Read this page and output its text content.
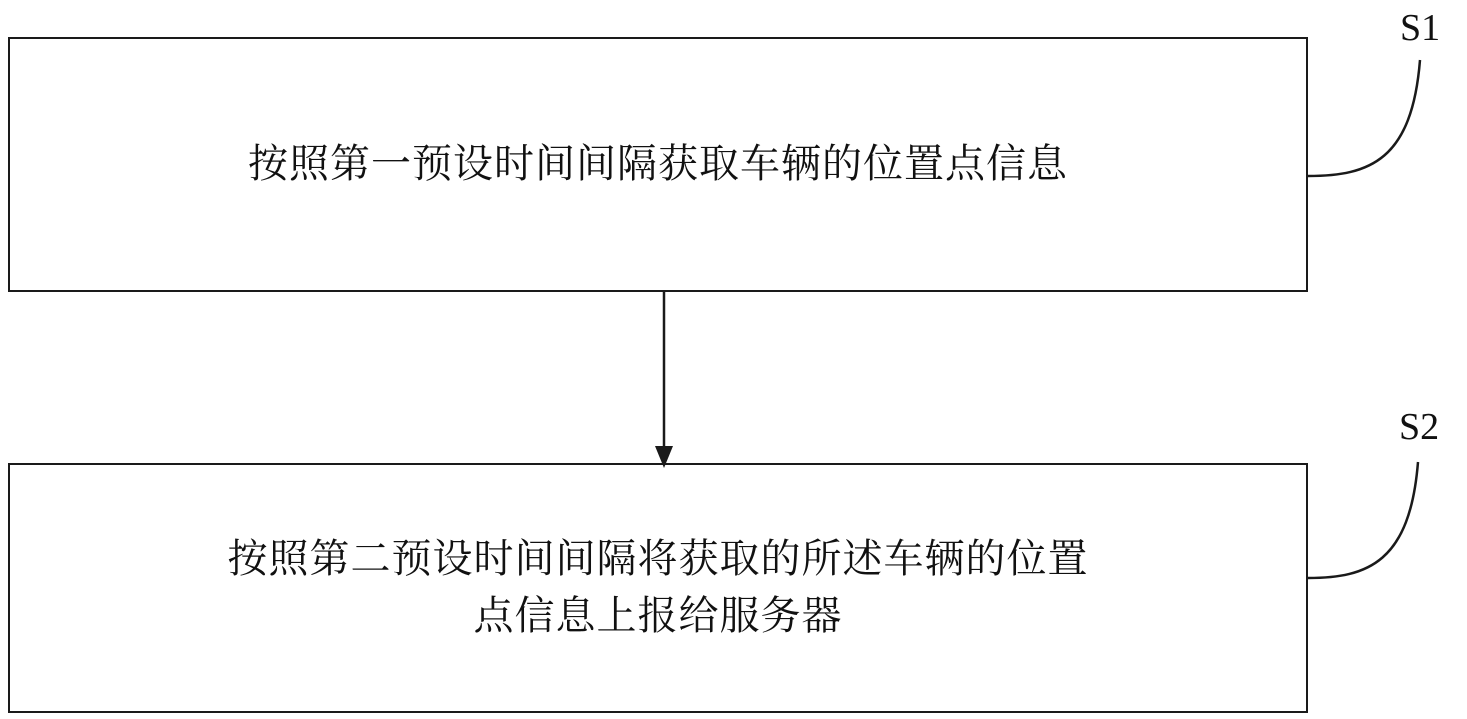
按照第一预设时间间隔获取车辆的位置点信息
按照第二预设时间间隔将获取的所述车辆的位置
点信息上报给服务器
S1
S2
